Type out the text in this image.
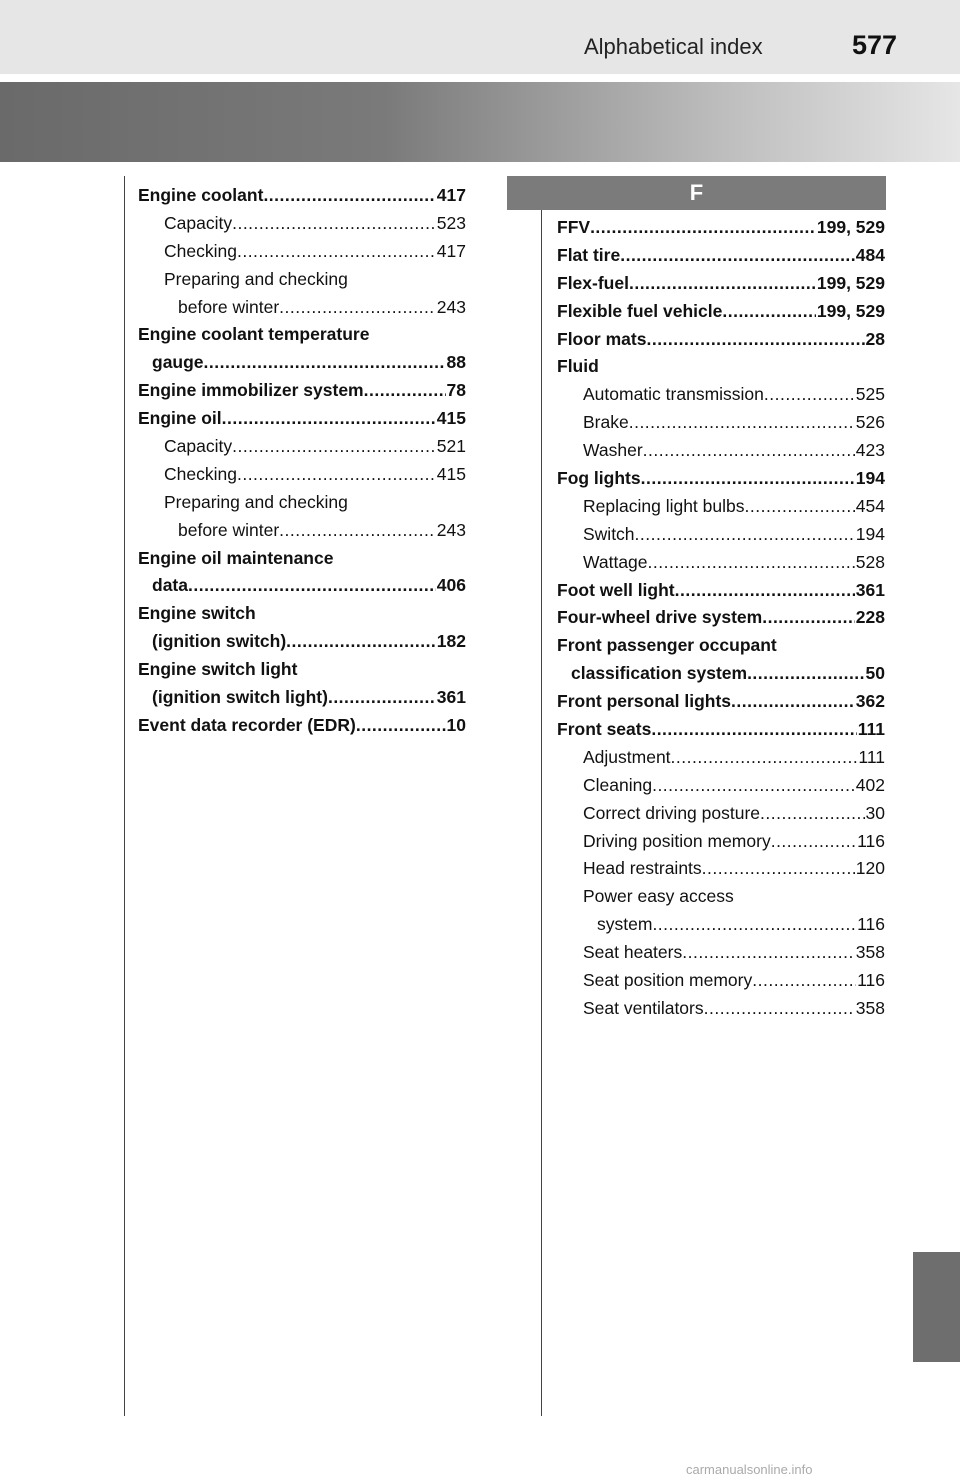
Alphabetical index	577
Engine coolant .....	417
Capacity .....	523
Checking .....	417
Preparing and checking
before winter .....	243
Engine coolant temperature
gauge .....	88
Engine immobilizer system .....	78
Engine oil .....	415
Capacity .....	521
Checking .....	415
Preparing and checking
before winter .....	243
Engine oil maintenance
data .....	406
Engine switch
(ignition switch) .....	182
Engine switch light
(ignition switch light) .....	361
Event data recorder (EDR) .....	10
F
FFV .....	199, 529
Flat tire .....	484
Flex-fuel .....	199, 529
Flexible fuel vehicle .....	199, 529
Floor mats .....	28
Fluid
Automatic transmission .....	525
Brake .....	526
Washer .....	423
Fog lights .....	194
Replacing light bulbs .....	454
Switch .....	194
Wattage .....	528
Foot well light .....	361
Four-wheel drive system .....	228
Front passenger occupant
classification system .....	50
Front personal lights .....	362
Front seats .....	111
Adjustment .....	111
Cleaning .....	402
Correct driving posture .....	30
Driving position memory .....	116
Head restraints .....	120
Power easy access
system .....	116
Seat heaters .....	358
Seat position memory .....	116
Seat ventilators .....	358
carmanualsonline.info
